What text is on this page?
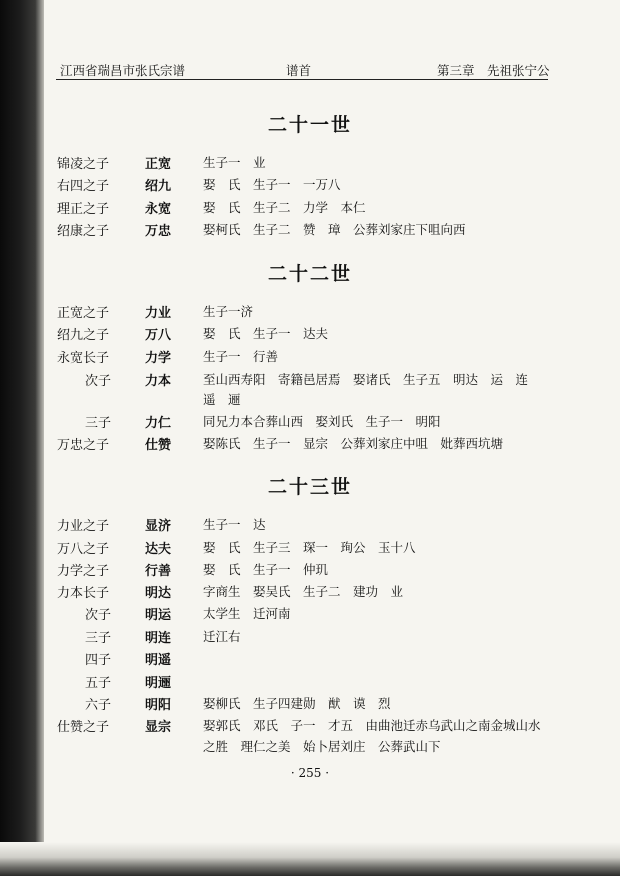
江西省瑞昌市张氏宗谱	谱首	第三章　先祖张宁公
二十一世
锦凌之子	正宽	生子一　业
右四之子	绍九	娶　氏　生子一　一万八
理正之子	永宽	娶　氏　生子二　力学　本仁
绍康之子	万忠	娶柯氏　生子二　赞　璋　公葬刘家庄下咀向西
二十二世
正宽之子	力业	生子一济
绍九之子	万八	娶　氏　生子一　达夫
永宽长子	力学	生子一　行善
次子	力本	至山西寿阳　寄籍邑居焉　娶诸氏　生子五　明达　运　连
遥　逦
三子	力仁	同兄力本合葬山西　娶刘氏　生子一　明阳
万忠之子	仕赞	娶陈氏　生子一　显宗　公葬刘家庄中咀　妣葬西坑塘
二十三世
力业之子	显济	生子一　达
万八之子	达夫	娶　氏　生子三　琛一　珣公　玉十八
力学之子	行善	娶　氏　生子一　仲玑
力本长子	明达	字商生　娶吴氏　生子二　建功　业
次子	明运	太学生　迁河南
三子	明连	迁江右
四子	明遥
五子	明逦
六子	明阳	娶柳氏　生子四建勋　猷　谟　烈
仕赞之子	显宗	娶郭氏　邓氏　子一　才五　由曲池迁赤乌武山之南金城山水
之胜　理仁之美　始卜居刘庄　公葬武山下
· 255 ·
